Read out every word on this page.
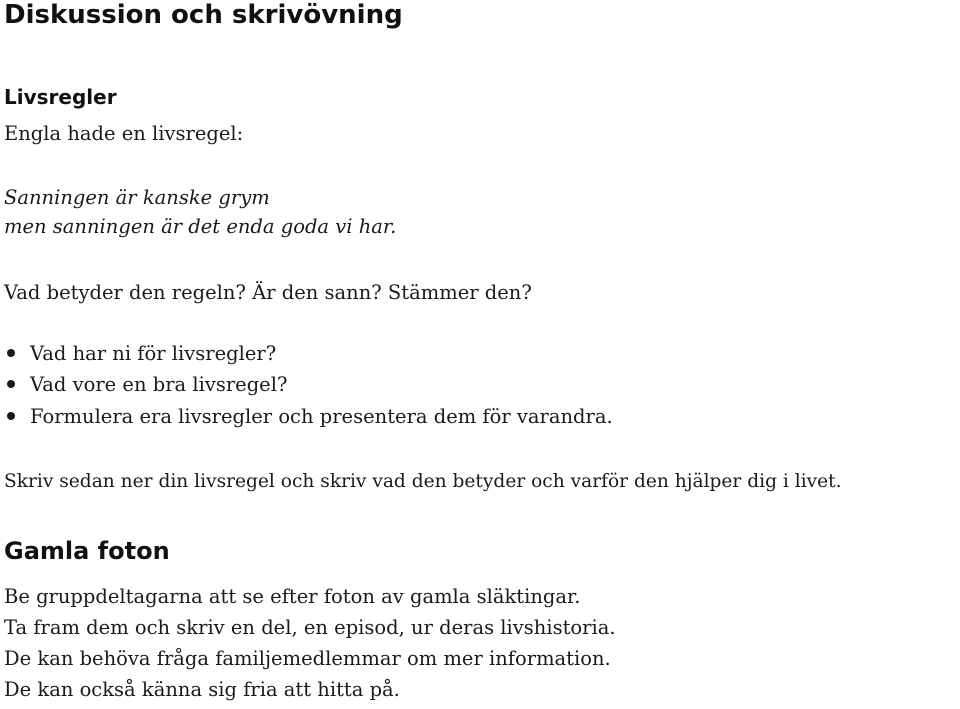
Diskussion och skrivövning
Livsregler
Engla hade en livsregel:
Sanningen är kanske grym
men sanningen är det enda goda vi har.
Vad betyder den regeln? Är den sann? Stämmer den?
Vad har ni för livsregler?
Vad vore en bra livsregel?
Formulera era livsregler och presentera dem för varandra.
Skriv sedan ner din livsregel och skriv vad den betyder och varför den hjälper dig i livet.
Gamla foton
Be gruppdeltagarna att se efter foton av gamla släktingar.
Ta fram dem och skriv en del, en episod, ur deras livshistoria.
De kan behöva fråga familjemedlemmar om mer information.
De kan också känna sig fria att hitta på.
